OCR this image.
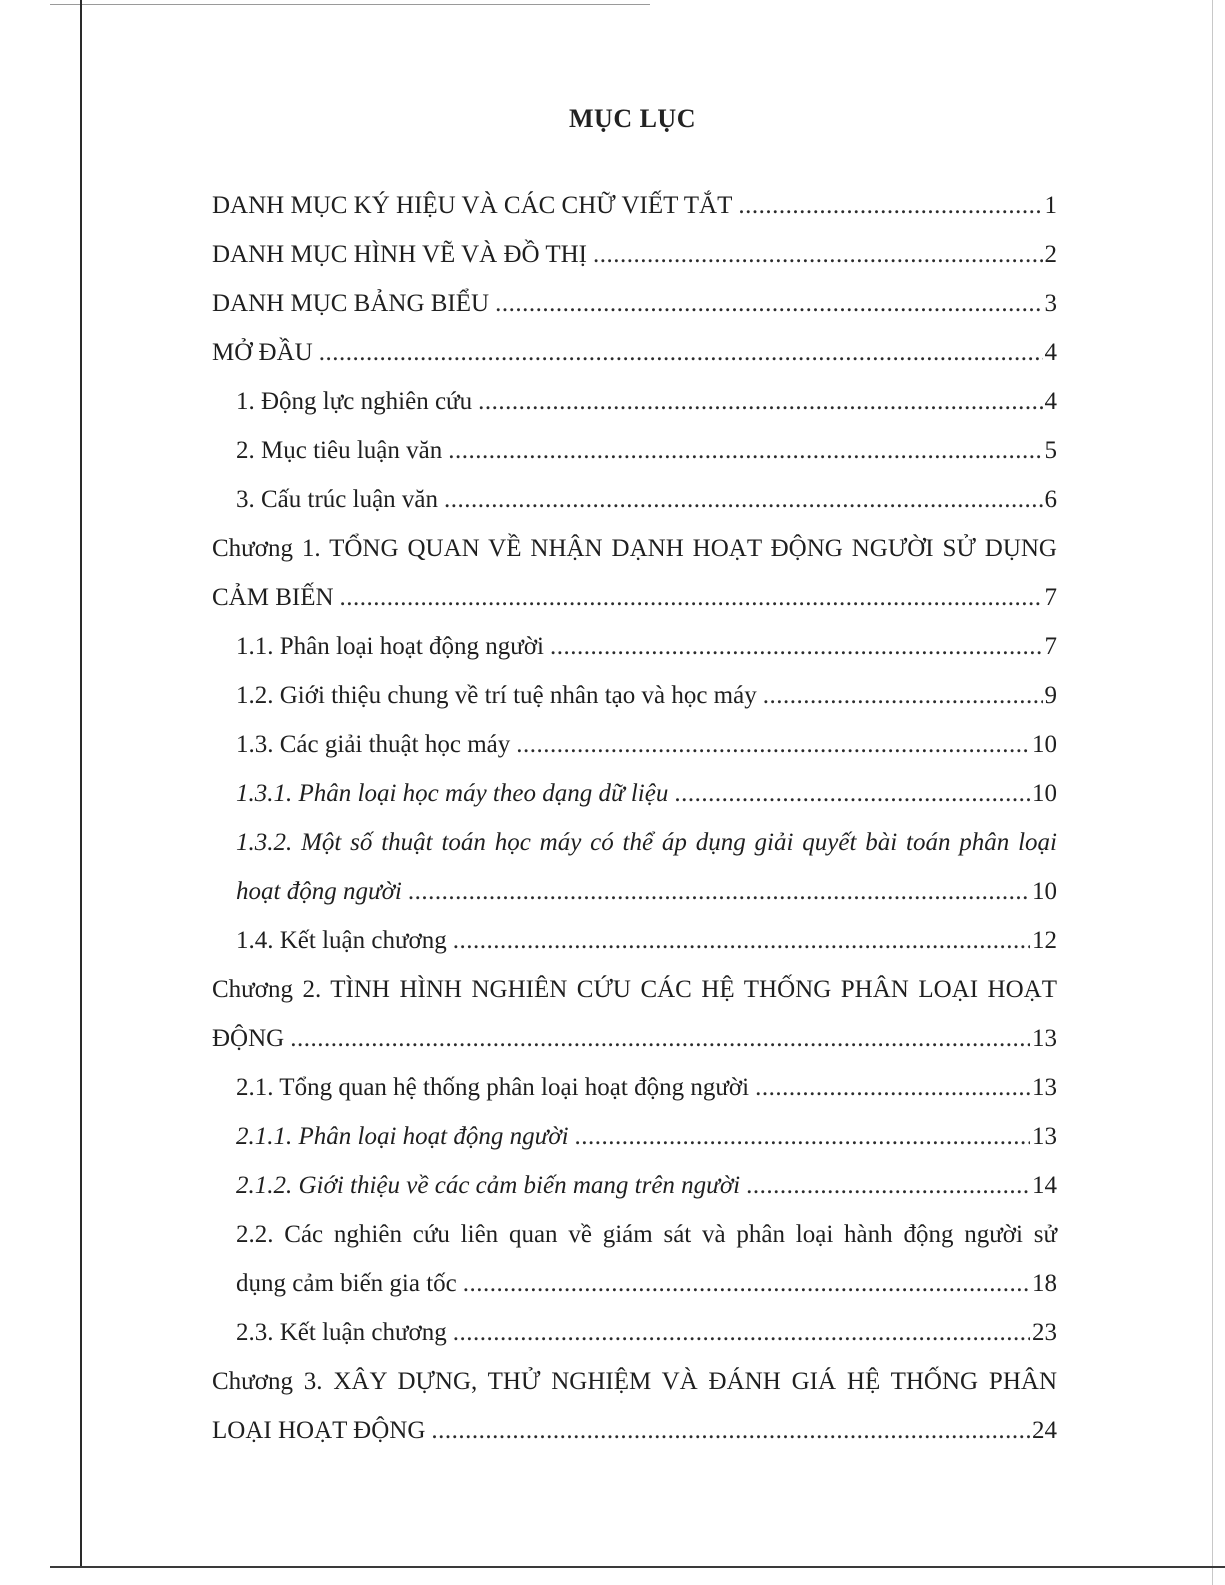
MỤC LỤC
DANH MỤC KÝ HIỆU VÀ CÁC CHỮ VIẾT TẮT .....	1
DANH MỤC HÌNH VẼ VÀ ĐỒ THỊ .....	2
DANH MỤC BẢNG BIỂU .....	3
MỞ ĐẦU .....	4
1. Động lực nghiên cứu .....	4
2. Mục tiêu luận văn .....	5
3. Cấu trúc luận văn .....	6
Chương 1. TỔNG QUAN VỀ NHẬN DẠNH HOẠT ĐỘNG NGƯỜI SỬ DỤNG
CẢM BIẾN .....	7
1.1. Phân loại hoạt động người .....	7
1.2. Giới thiệu chung về trí tuệ nhân tạo và học máy .....	9
1.3. Các giải thuật học máy .....	10
1.3.1. Phân loại học máy theo dạng dữ liệu .....	10
1.3.2. Một số thuật toán học máy có thể áp dụng giải quyết bài toán phân loại
hoạt động người .....	10
1.4. Kết luận chương .....	12
Chương 2. TÌNH HÌNH NGHIÊN CỨU CÁC HỆ THỐNG PHÂN LOẠI HOẠT
ĐỘNG .....	13
2.1. Tổng quan hệ thống phân loại hoạt động người .....	13
2.1.1. Phân loại hoạt động người .....	13
2.1.2. Giới thiệu về các cảm biến mang trên người .....	14
2.2. Các nghiên cứu liên quan về giám sát và phân loại hành động người sử
dụng cảm biến gia tốc .....	18
2.3. Kết luận chương .....	23
Chương 3. XÂY DỰNG, THỬ NGHIỆM VÀ ĐÁNH GIÁ HỆ THỐNG PHÂN
LOẠI HOẠT ĐỘNG .....	24
